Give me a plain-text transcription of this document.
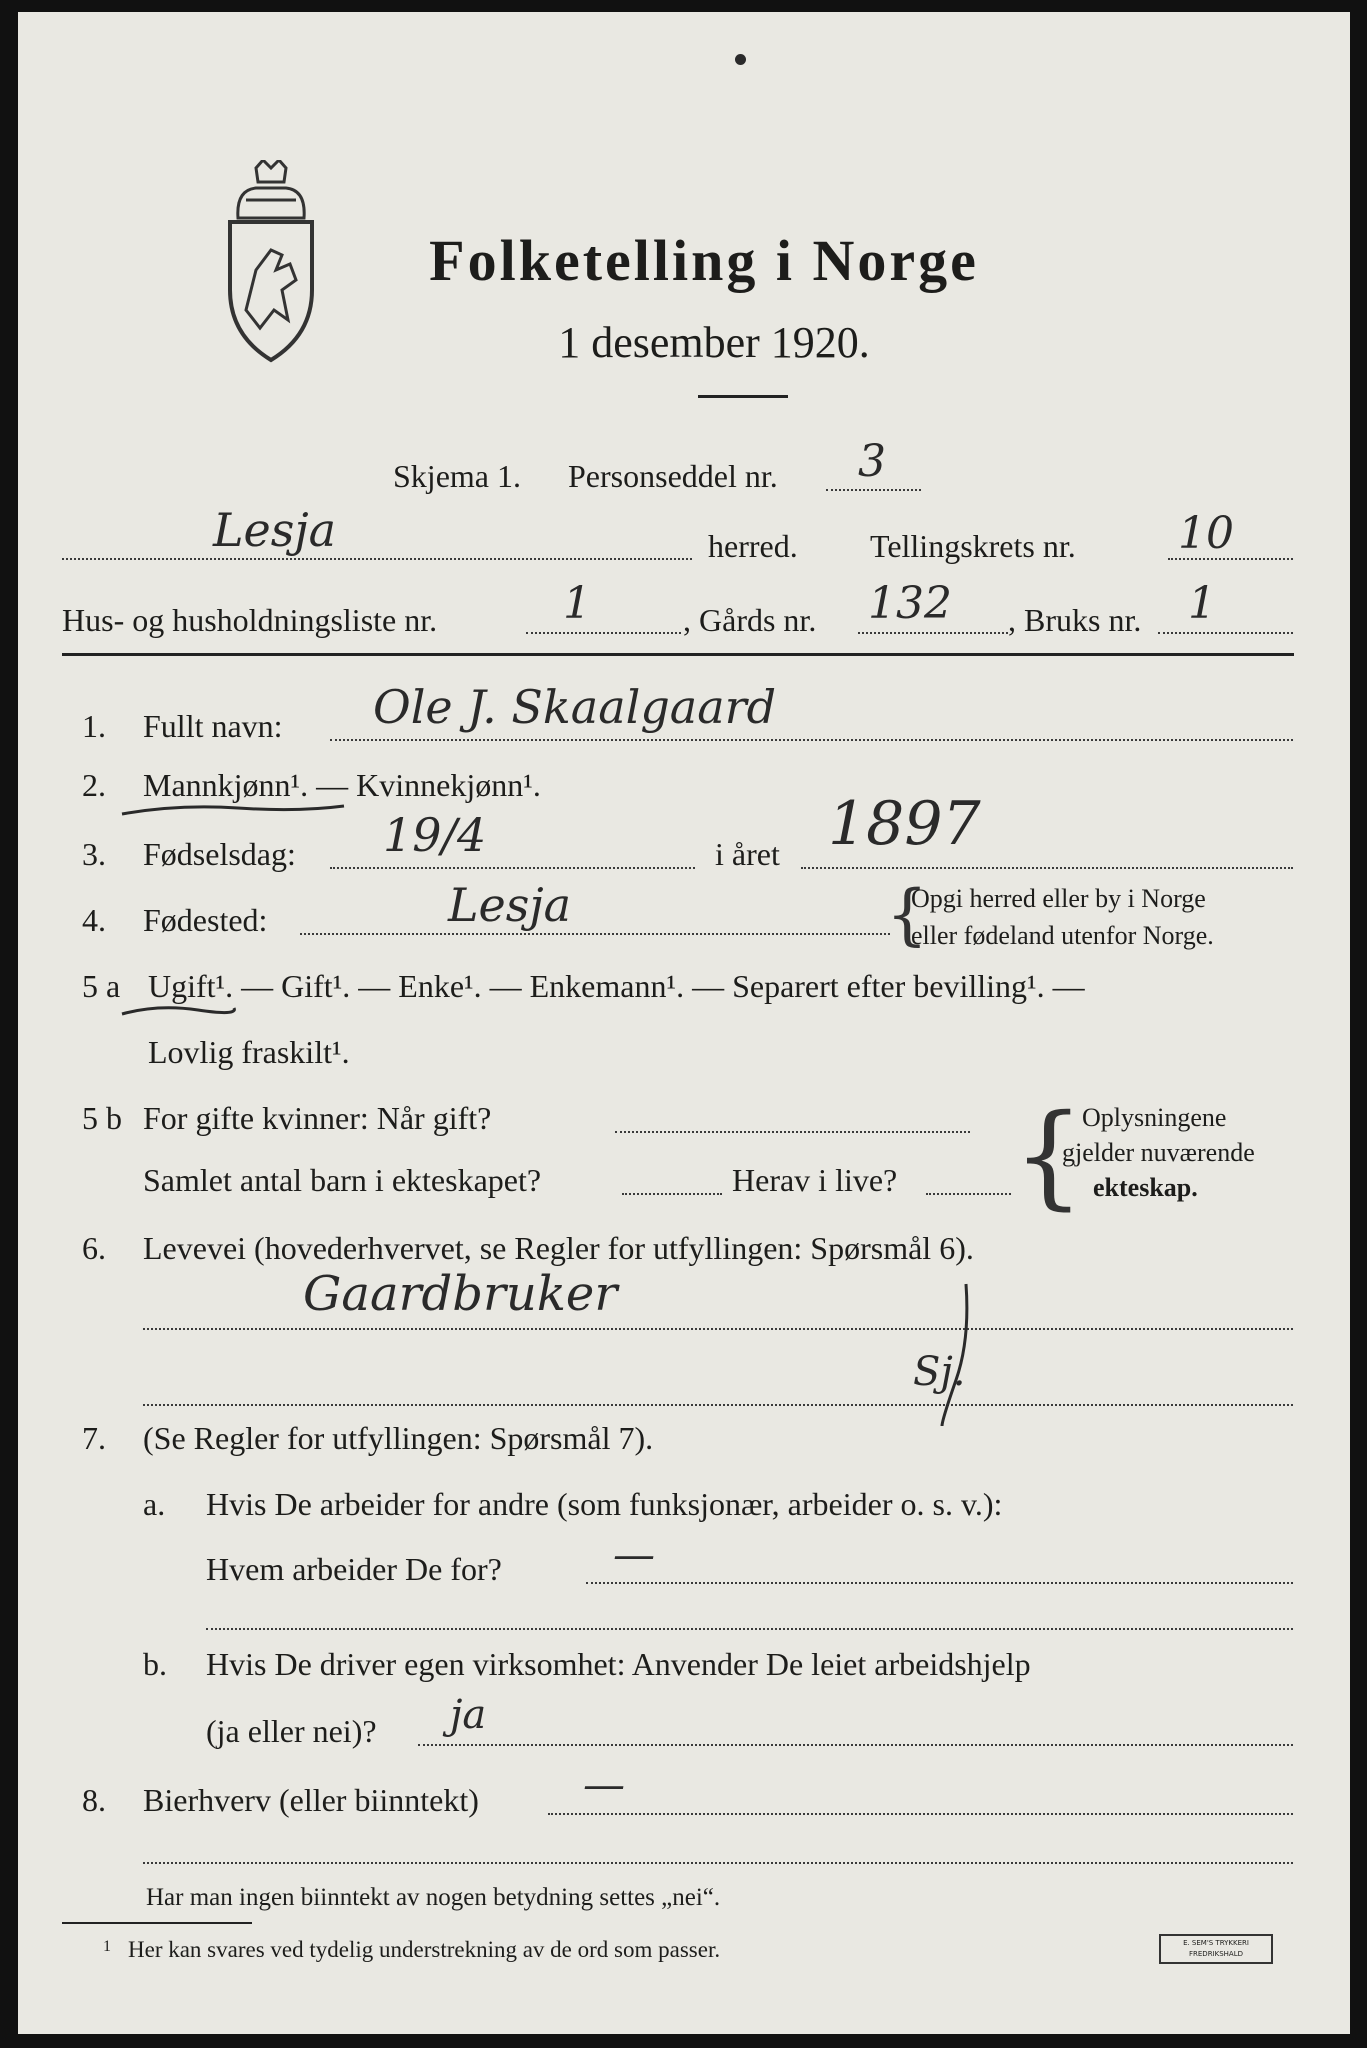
Folketelling i Norge
1 desember 1920.
Skjema 1. Personseddel nr. 3
Lesja	herred. Tellingskrets nr. 10
Hus- og husholdningsliste nr.	1	, Gårds nr. 132 , Bruks nr. 1
1. Fullt navn: Ole J. Skaalgaard
2. Mannkjønn¹. — Kvinnekjønn¹.
3. Fødselsdag: 19/4	i året 1897
4. Fødested:	Lesja	{
Opgi herred eller by i Norge
eller fødeland utenfor Norge.
5 a Ugift¹. — Gift¹. — Enke¹. — Enkemann¹. — Separert efter bevilling¹. —
Lovlig fraskilt¹.
5 b For gifte kvinner: Når gift?
Samlet antal barn i ekteskapet?	Herav i live? {
Oplysningene
gjelder nuværende
ekteskap.
6. Levevei (hovederhvervet, se Regler for utfyllingen: Spørsmål 6).
Gaardbruker
Sj.
7. (Se Regler for utfyllingen: Spørsmål 7).
a. Hvis De arbeider for andre (som funksjonær, arbeider o. s. v.):
Hvem arbeider De for?	—
b. Hvis De driver egen virksomhet: Anvender De leiet arbeidshjelp
(ja eller nei)? ja
8. Bierhverv (eller biinntekt) —
Har man ingen biinntekt av nogen betydning settes „nei“.
1 Her kan svares ved tydelig understrekning av de ord som passer.	E. SEM'S TRYKKERI
FREDRIKSHALD
